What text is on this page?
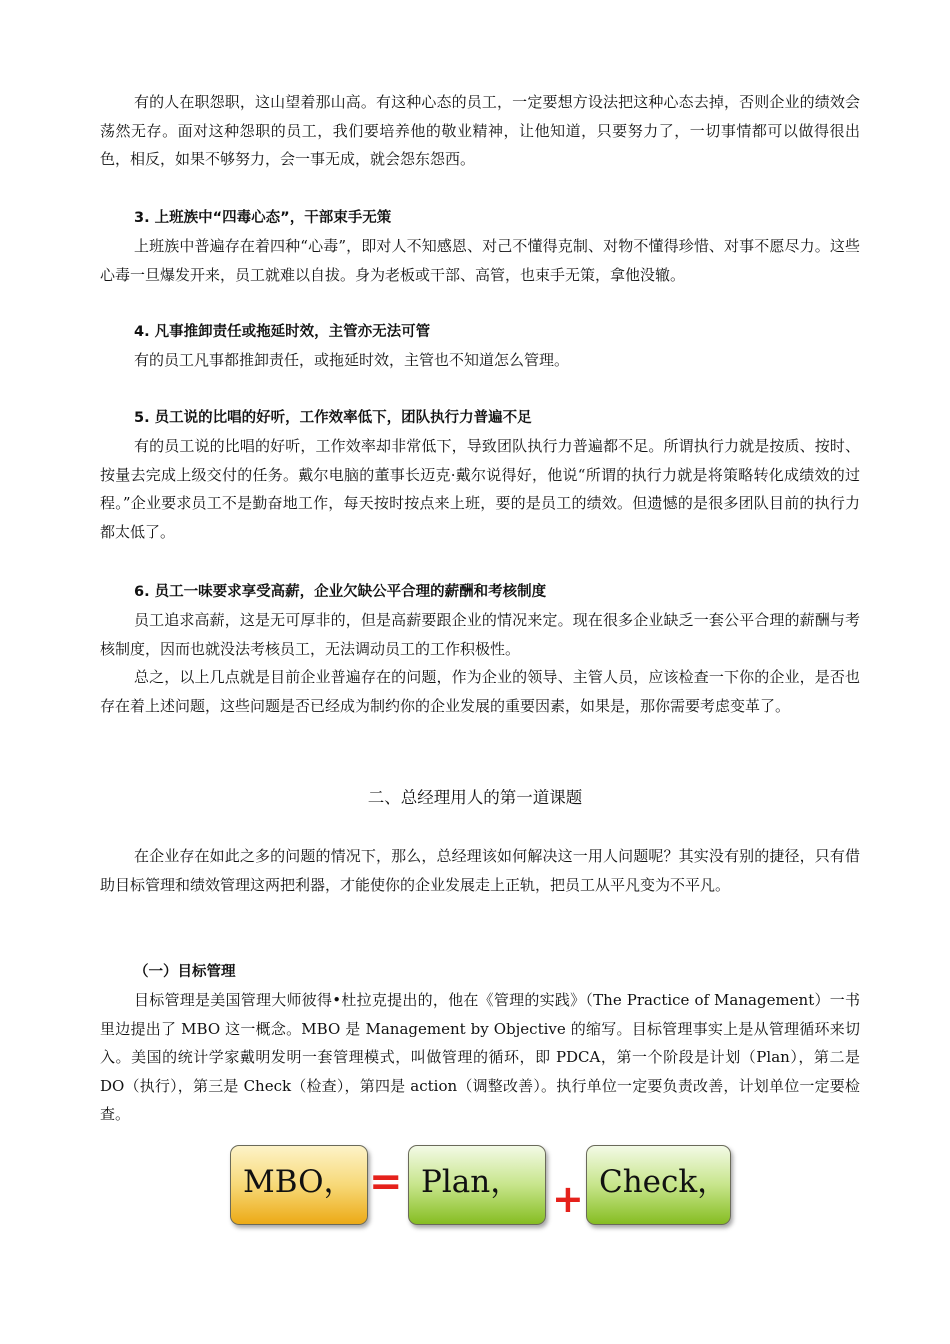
有的人在职怨职，这山望着那山高。有这种心态的员工，一定要想方设法把这种心态去掉，否则企业的绩效会荡然无存。面对这种怨职的员工，我们要培养他的敬业精神，让他知道，只要努力了，一切事情都可以做得很出色，相反，如果不够努力，会一事无成，就会怨东怨西。

3. 上班族中“四毒心态”，干部束手无策

上班族中普遍存在着四种“心毒”，即对人不知感恩、对己不懂得克制、对物不懂得珍惜、对事不愿尽力。这些心毒一旦爆发开来，员工就难以自拔。身为老板或干部、高管，也束手无策，拿他没辙。

4. 凡事推卸责任或拖延时效，主管亦无法可管

有的员工凡事都推卸责任，或拖延时效，主管也不知道怎么管理。

5. 员工说的比唱的好听，工作效率低下，团队执行力普遍不足

有的员工说的比唱的好听，工作效率却非常低下，导致团队执行力普遍都不足。所谓执行力就是按质、按时、按量去完成上级交付的任务。戴尔电脑的董事长迈克·戴尔说得好，他说“所谓的执行力就是将策略转化成绩效的过程。”企业要求员工不是勤奋地工作，每天按时按点来上班，要的是员工的绩效。但遗憾的是很多团队目前的执行力都太低了。

6. 员工一味要求享受高薪，企业欠缺公平合理的薪酬和考核制度

员工追求高薪，这是无可厚非的，但是高薪要跟企业的情况来定。现在很多企业缺乏一套公平合理的薪酬与考核制度，因而也就没法考核员工，无法调动员工的工作积极性。

总之，以上几点就是目前企业普遍存在的问题，作为企业的领导、主管人员，应该检查一下你的企业，是否也存在着上述问题，这些问题是否已经成为制约你的企业发展的重要因素，如果是，那你需要考虑变革了。

二、总经理用人的第一道课题

在企业存在如此之多的问题的情况下，那么，总经理该如何解决这一用人问题呢？其实没有别的捷径，只有借助目标管理和绩效管理这两把利器，才能使你的企业发展走上正轨，把员工从平凡变为不平凡。

（一）目标管理

目标管理是美国管理大师彼得•杜拉克提出的，他在《管理的实践》（The Practice of Management）一书里边提出了 MBO 这一概念。MBO 是 Management by Objective 的缩写。目标管理事实上是从管理循环来切入。美国的统计学家戴明发明一套管理模式，叫做管理的循环，即 PDCA，第一个阶段是计划（Plan），第二是 DO（执行），第三是 Check（检查），第四是 action（调整改善）。执行单位一定要负责改善，计划单位一定要检查。

MBO， = Plan， + Check，
